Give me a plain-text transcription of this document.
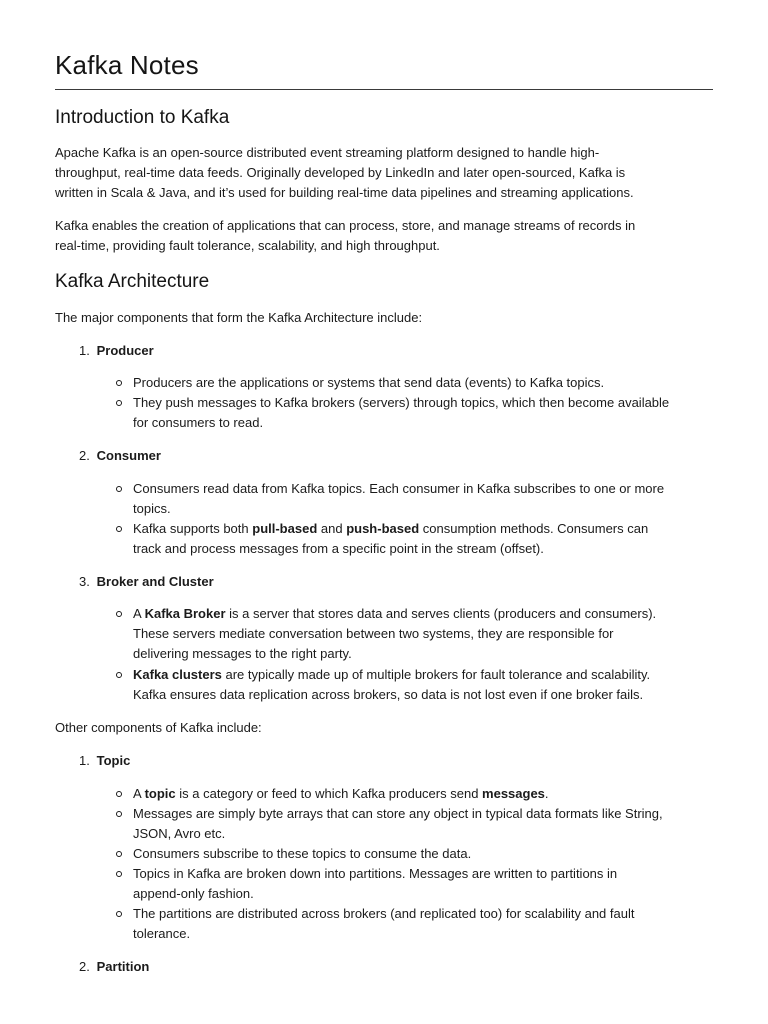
Kafka Notes
Introduction to Kafka

Apache Kafka is an open-source distributed event streaming platform designed to handle high-
throughput, real-time data feeds. Originally developed by LinkedIn and later open-sourced, Kafka is
written in Scala & Java, and it’s used for building real-time data pipelines and streaming applications.

Kafka enables the creation of applications that can process, store, and manage streams of records in
real-time, providing fault tolerance, scalability, and high throughput.

Kafka Architecture

The major components that form the Kafka Architecture include:

1. Producer

Producers are the applications or systems that send data (events) to Kafka topics.

They push messages to Kafka brokers (servers) through topics, which then become available
for consumers to read.

2. Consumer

Consumers read data from Kafka topics. Each consumer in Kafka subscribes to one or more
topics.

Kafka supports both pull-based and push-based consumption methods. Consumers can
track and process messages from a specific point in the stream (offset).

3. Broker and Cluster

A Kafka Broker is a server that stores data and serves clients (producers and consumers).
These servers mediate conversation between two systems, they are responsible for
delivering messages to the right party.

Kafka clusters are typically made up of multiple brokers for fault tolerance and scalability.
Kafka ensures data replication across brokers, so data is not lost even if one broker fails.

Other components of Kafka include:

1. Topic

A topic is a category or feed to which Kafka producers send messages.

Messages are simply byte arrays that can store any object in typical data formats like String,
JSON, Avro etc.

Consumers subscribe to these topics to consume the data.

Topics in Kafka are broken down into partitions. Messages are written to partitions in
append-only fashion.

The partitions are distributed across brokers (and replicated too) for scalability and fault
tolerance.

2. Partition
